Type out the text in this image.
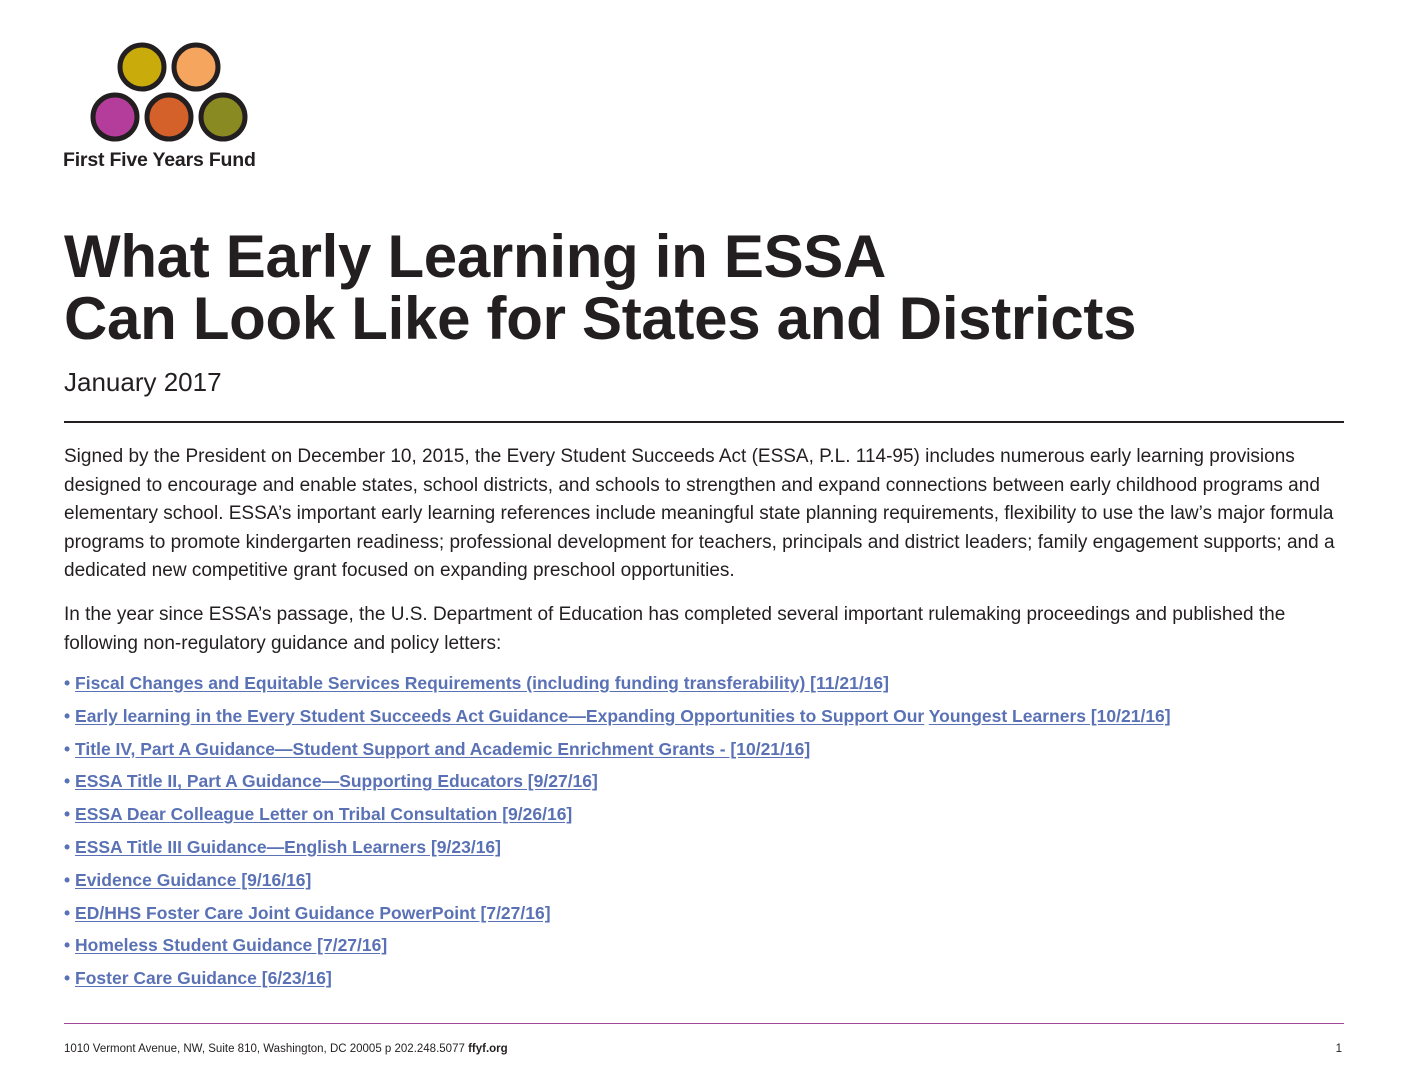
First Five Years Fund
What Early Learning in ESSA
Can Look Like for States and Districts
January 2017

Signed by the President on December 10, 2015, the Every Student Succeeds Act (ESSA, P.L. 114-95) includes numerous early learning provisions designed to encourage and enable states, school districts, and schools to strengthen and expand connections between early childhood programs and elementary school. ESSA’s important early learning references include meaningful state planning requirements, flexibility to use the law’s major formula programs to promote kindergarten readiness; professional development for teachers, principals and district leaders; family engagement supports; and a dedicated new competitive grant focused on expanding preschool opportunities.

In the year since ESSA’s passage, the U.S. Department of Education has completed several important rulemaking proceedings and published the following non-regulatory guidance and policy letters:

• Fiscal Changes and Equitable Services Requirements (including funding transferability) [11/21/16]
• Early learning in the Every Student Succeeds Act Guidance—Expanding Opportunities to Support Our Youngest Learners [10/21/16]
• Title IV, Part A Guidance—Student Support and Academic Enrichment Grants - [10/21/16]
• ESSA Title II, Part A Guidance—Supporting Educators [9/27/16]
• ESSA Dear Colleague Letter on Tribal Consultation [9/26/16]
• ESSA Title III Guidance—English Learners [9/23/16]
• Evidence Guidance [9/16/16]
• ED/HHS Foster Care Joint Guidance PowerPoint [7/27/16]
• Homeless Student Guidance [7/27/16]
• Foster Care Guidance [6/23/16]
1010 Vermont Avenue, NW, Suite 810, Washington, DC 20005 p 202.248.5077 ffyf.org	1
